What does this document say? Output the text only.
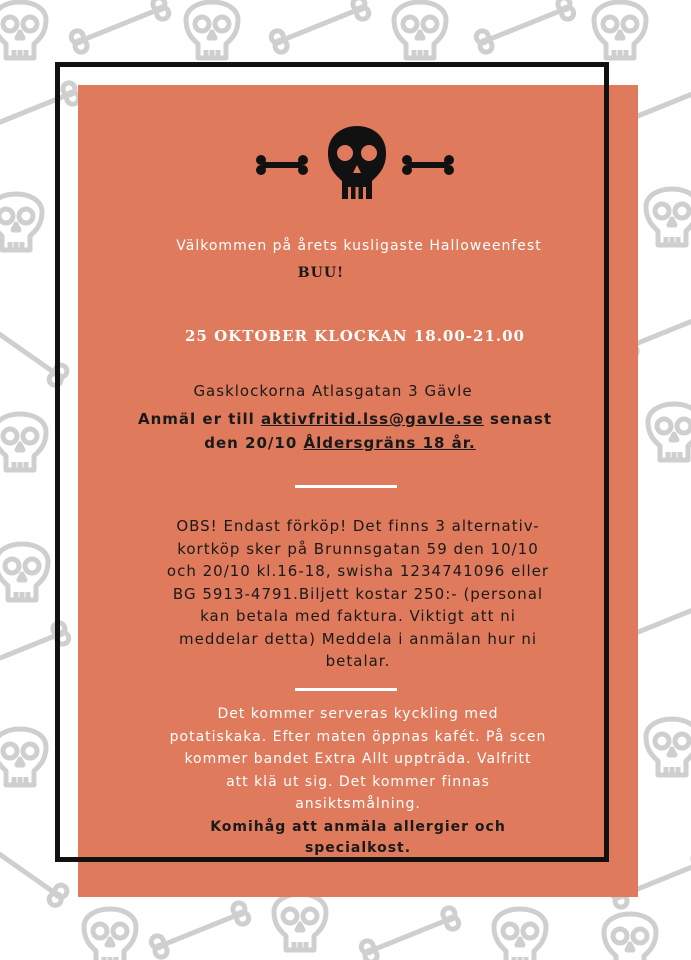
Välkommen på årets kusligaste Halloweenfest
BUU!
25 OKTOBER KLOCKAN 18.00-21.00
Gasklockorna Atlasgatan 3 Gävle
Anmäl er till aktivfritid.lss@gavle.se senast
den 20/10 Åldersgräns 18 år.
OBS! Endast förköp! Det finns 3 alternativ-
kortköp sker på Brunnsgatan 59 den 10/10
och 20/10 kl.16-18, swisha 1234741096 eller
BG 5913-4791.Biljett kostar 250:- (personal
kan betala med faktura. Viktigt att ni
meddelar detta) Meddela i anmälan hur ni
betalar.
Det kommer serveras kyckling med
potatiskaka. Efter maten öppnas kafét. På scen
kommer bandet Extra Allt uppträda. Valfritt
att klä ut sig. Det kommer finnas
ansiktsmålning.
Komihåg att anmäla allergier och
specialkost.
